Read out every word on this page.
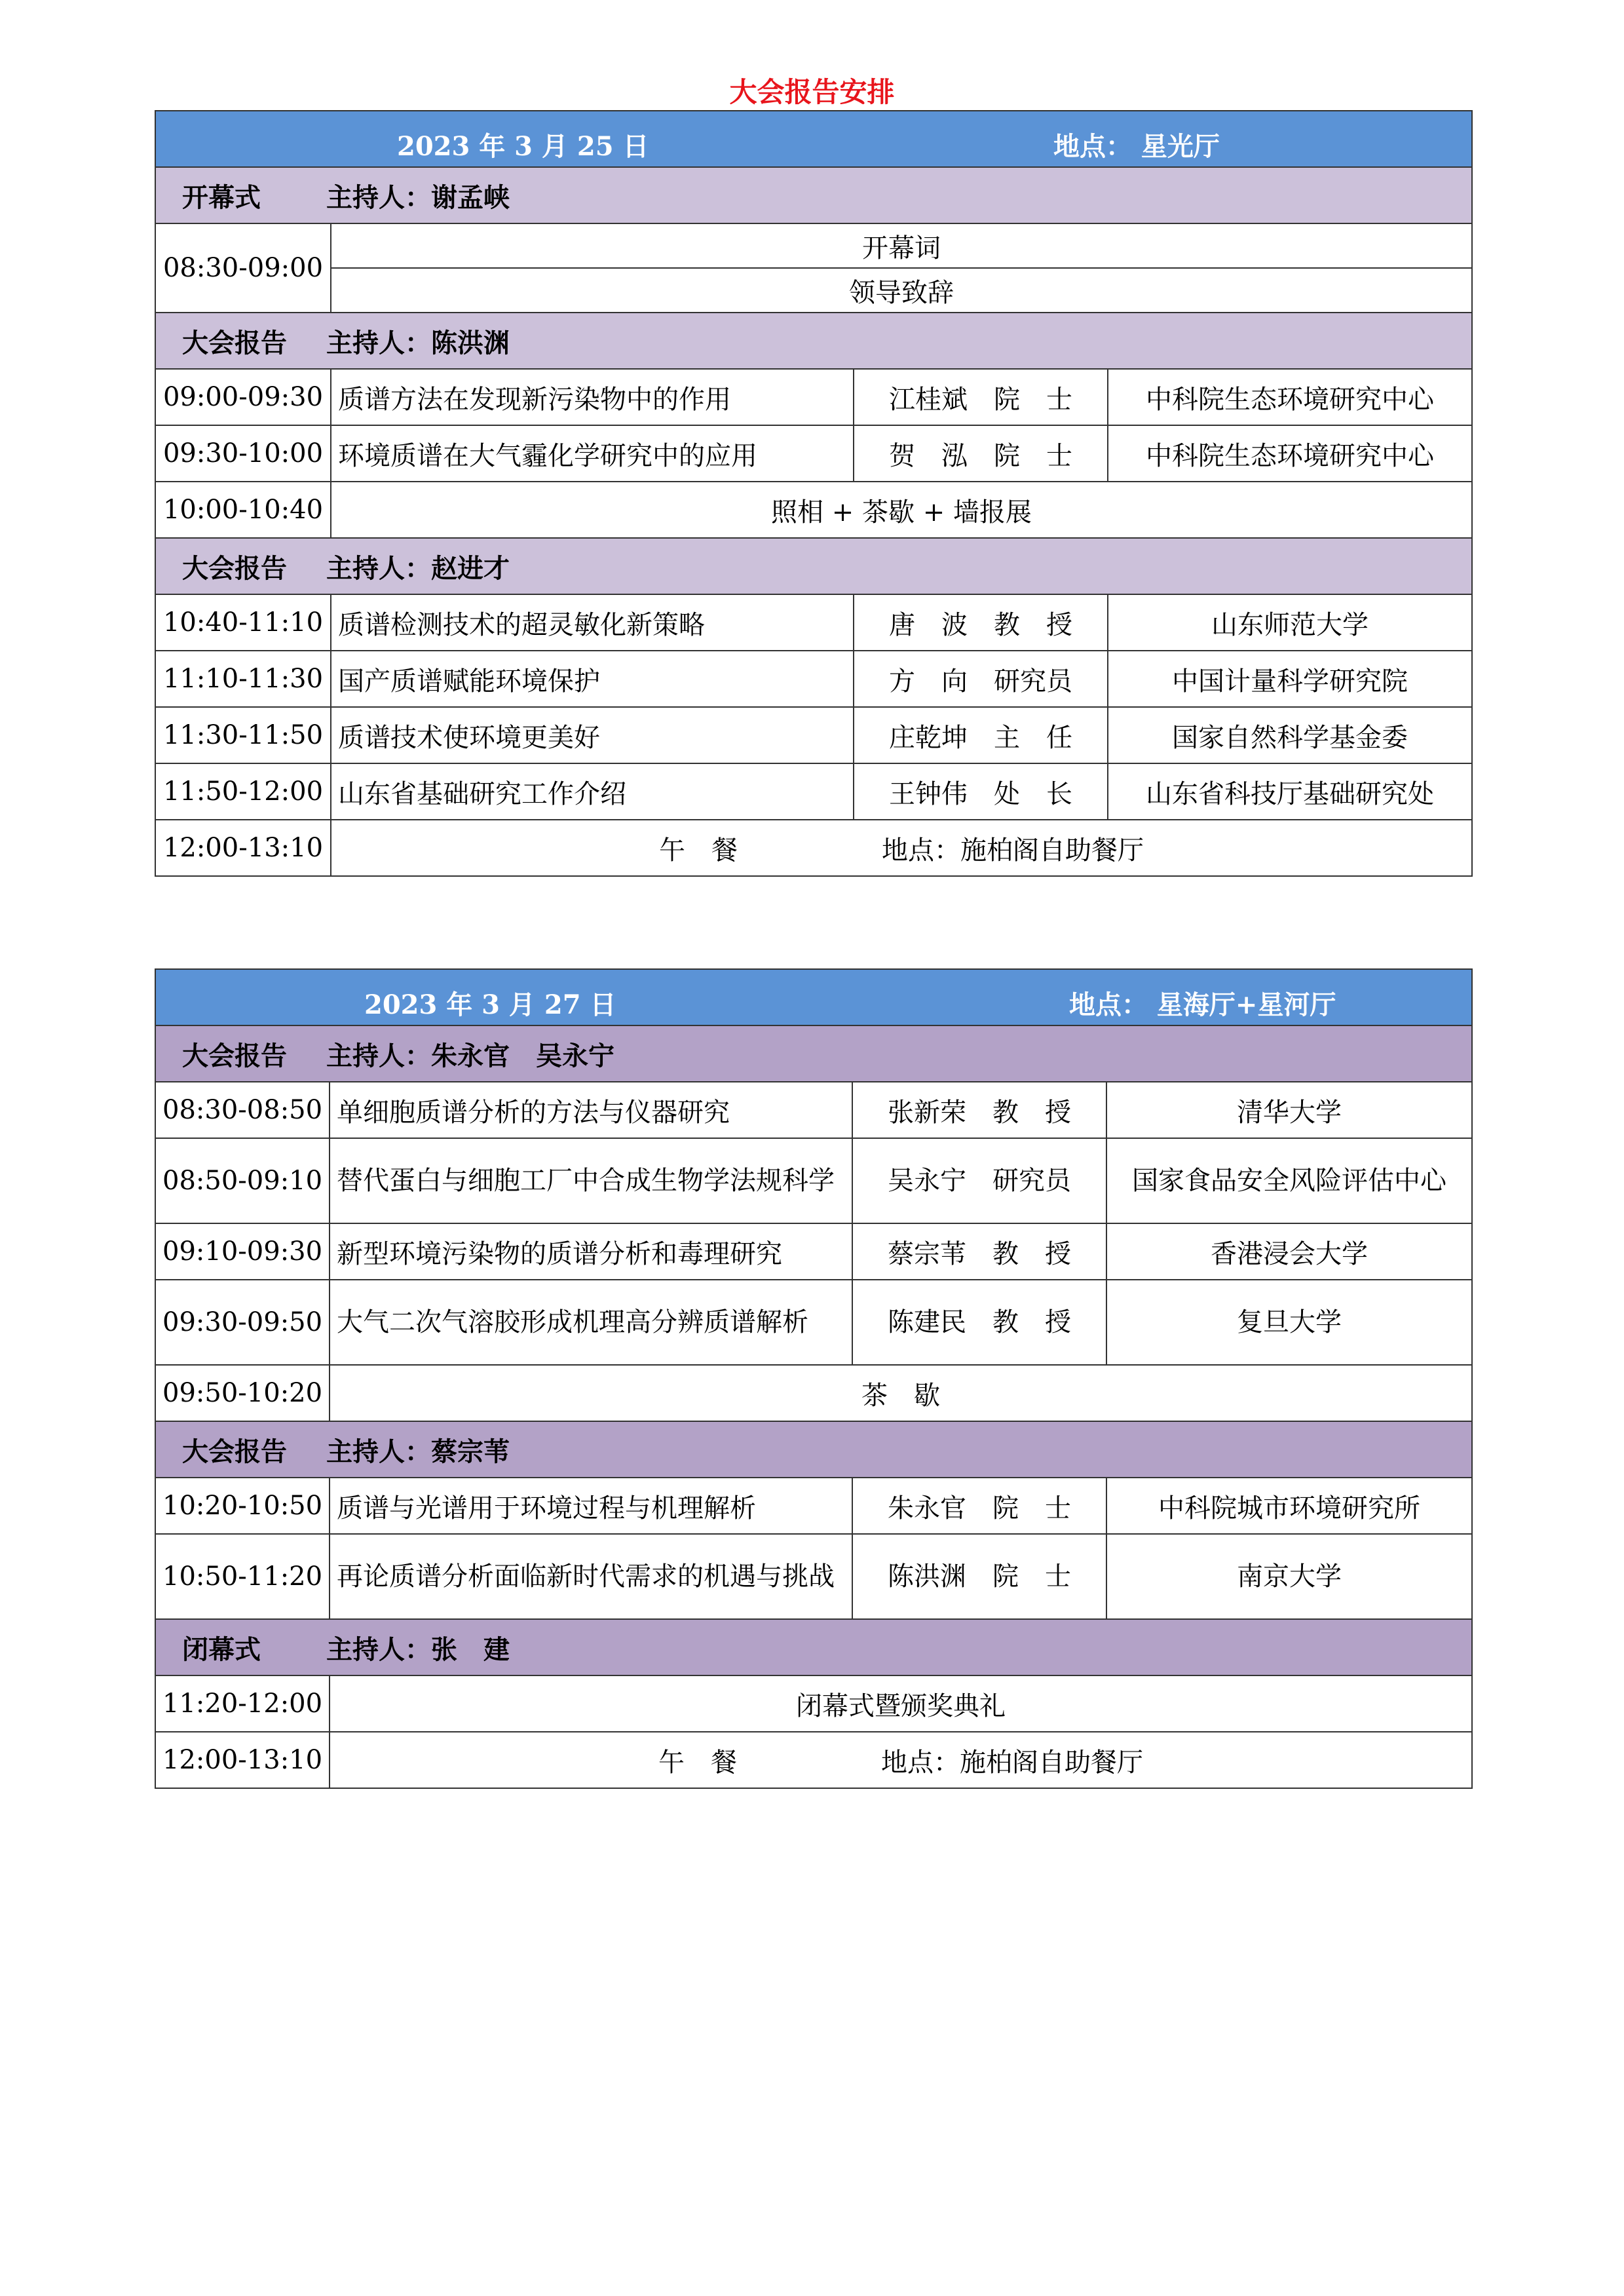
大会报告安排
2023 年 3 月 25 日 地点： 星光厅			

开幕式 主持人：谢孟峡			
08:30-09:00	开幕词		
	领导致辞		
大会报告 主持人：陈洪渊			
09:00-09:30	质谱方法在发现新污染物中的作用	江桂斌　院　士	中科院生态环境研究中心
09:30-10:00	环境质谱在大气霾化学研究中的应用	贺　泓　院　士	中科院生态环境研究中心
10:00-10:40	照相 + 茶歇 + 墙报展		
大会报告 主持人：赵进才			
10:40-11:10	质谱检测技术的超灵敏化新策略	唐　波　教　授	山东师范大学
11:10-11:30	国产质谱赋能环境保护	方　向　研究员	中国计量科学研究院
11:30-11:50	质谱技术使环境更美好	庄乾坤　主　任	国家自然科学基金委
11:50-12:00	山东省基础研究工作介绍	王钟伟　处　长	山东省科技厅基础研究处
12:00-13:10	午　餐 地点：施柏阁自助餐厅		
2023 年 3 月 27 日 地点： 星海厅+星河厅			

大会报告 主持人：朱永官　吴永宁			
08:30-08:50	单细胞质谱分析的方法与仪器研究	张新荣　教　授	清华大学
08:50-09:10	替代蛋白与细胞工厂中合成生物学法规科学	吴永宁　研究员	国家食品安全风险评估中心
09:10-09:30	新型环境污染物的质谱分析和毒理研究	蔡宗苇　教　授	香港浸会大学
09:30-09:50	大气二次气溶胶形成机理高分辨质谱解析	陈建民　教　授	复旦大学
09:50-10:20	茶　歇		
大会报告 主持人：蔡宗苇			
10:20-10:50	质谱与光谱用于环境过程与机理解析	朱永官　院　士	中科院城市环境研究所
10:50-11:20	再论质谱分析面临新时代需求的机遇与挑战	陈洪渊　院　士	南京大学
闭幕式 主持人：张　建			
11:20-12:00	闭幕式暨颁奖典礼		
12:00-13:10	午　餐 地点：施柏阁自助餐厅		
